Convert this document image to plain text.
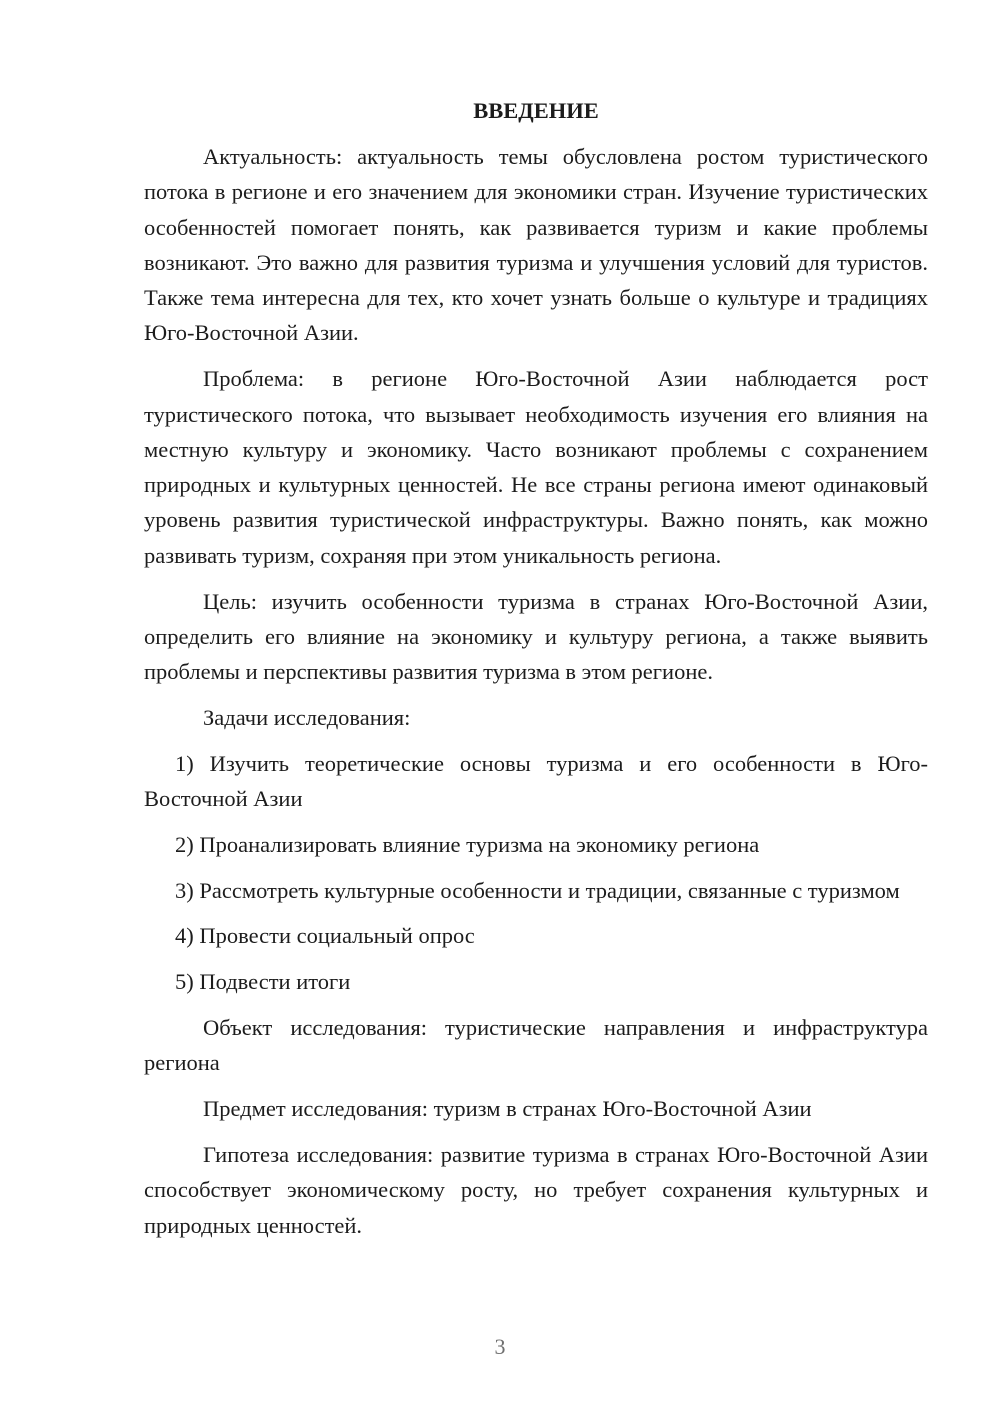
ВВЕДЕНИЕ

Актуальность: актуальность темы обусловлена ростом туристического потока в регионе и его значением для экономики стран. Изучение туристических особенностей помогает понять, как развивается туризм и какие проблемы возникают. Это важно для развития туризма и улучшения условий для туристов. Также тема интересна для тех, кто хочет узнать больше о культуре и традициях Юго-Восточной Азии.

Проблема: в регионе Юго-Восточной Азии наблюдается рост туристического потока, что вызывает необходимость изучения его влияния на местную культуру и экономику. Часто возникают проблемы с сохранением природных и культурных ценностей. Не все страны региона имеют одинаковый уровень развития туристической инфраструктуры. Важно понять, как можно развивать туризм, сохраняя при этом уникальность региона.

Цель: изучить особенности туризма в странах Юго-Восточной Азии, определить его влияние на экономику и культуру региона, а также выявить проблемы и перспективы развития туризма в этом регионе.

Задачи исследования:

1) Изучить теоретические основы туризма и его особенности в Юго-Восточной Азии

2) Проанализировать влияние туризма на экономику региона

3) Рассмотреть культурные особенности и традиции, связанные с туризмом

4) Провести социальный опрос

5) Подвести итоги

Объект исследования: туристические направления и инфраструктура региона

Предмет исследования: туризм в странах Юго-Восточной Азии

Гипотеза исследования: развитие туризма в странах Юго-Восточной Азии способствует экономическому росту, но требует сохранения культурных и природных ценностей.

3
